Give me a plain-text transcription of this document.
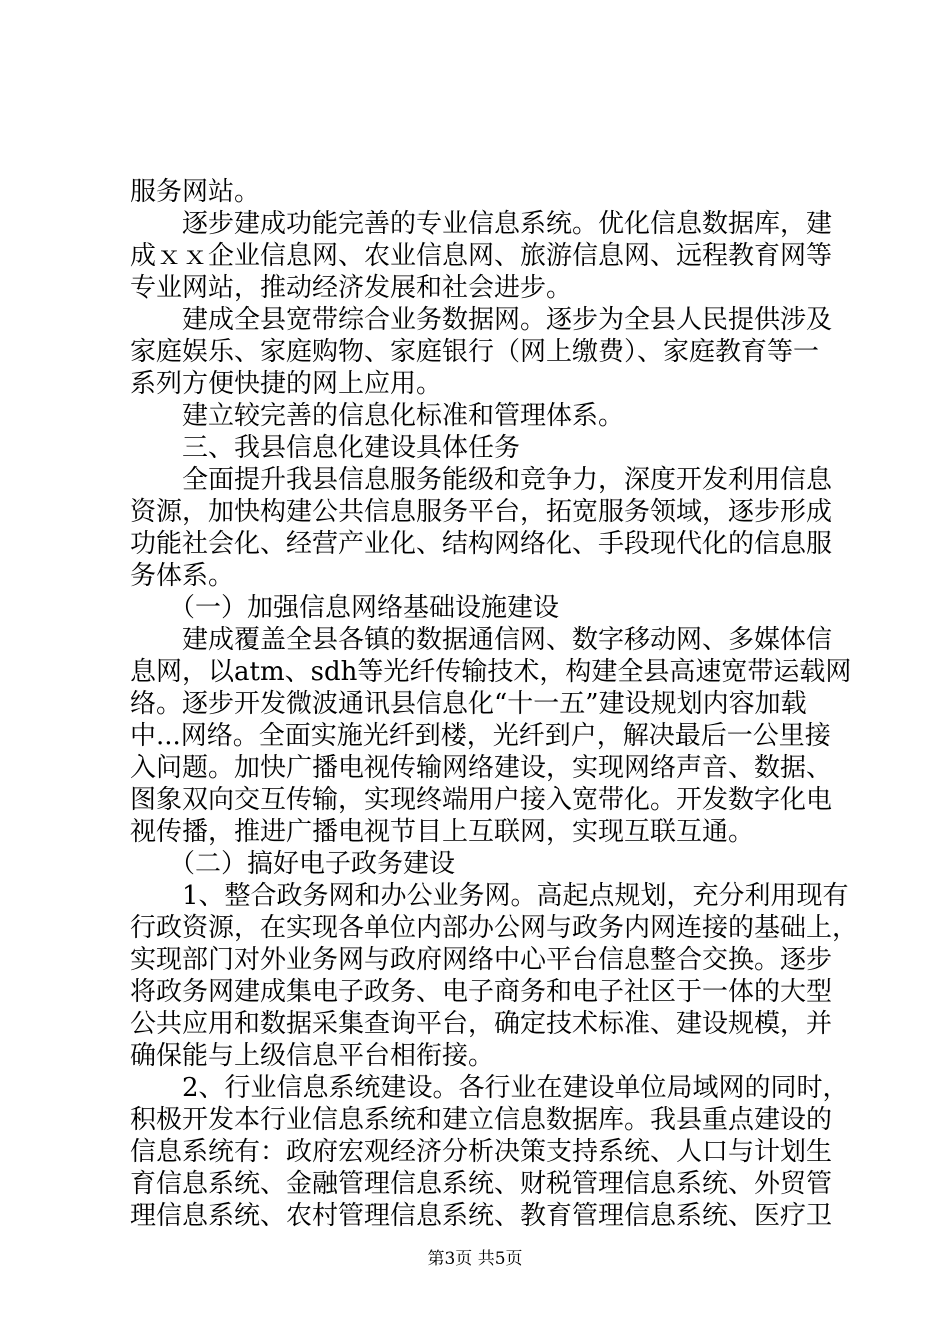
服务网站。
　　逐步建成功能完善的专业信息系统。优化信息数据库，建
成ｘｘ企业信息网、农业信息网、旅游信息网、远程教育网等
专业网站，推动经济发展和社会进步。
　　建成全县宽带综合业务数据网。逐步为全县人民提供涉及
家庭娱乐、家庭购物、家庭银行（网上缴费）、家庭教育等一
系列方便快捷的网上应用。
　　建立较完善的信息化标准和管理体系。
　　三、我县信息化建设具体任务
　　全面提升我县信息服务能级和竞争力，深度开发利用信息
资源，加快构建公共信息服务平台，拓宽服务领域，逐步形成
功能社会化、经营产业化、结构网络化、手段现代化的信息服
务体系。
　　（一）加强信息网络基础设施建设
　　建成覆盖全县各镇的数据通信网、数字移动网、多媒体信
息网，以atm、sdh等光纤传输技术，构建全县高速宽带运载网
络。逐步开发微波通讯县信息化“十一五”建设规划内容加载
中...网络。全面实施光纤到楼，光纤到户，解决最后一公里接
入问题。加快广播电视传输网络建设，实现网络声音、数据、
图象双向交互传输，实现终端用户接入宽带化。开发数字化电
视传播，推进广播电视节目上互联网，实现互联互通。
　　（二）搞好电子政务建设
　　1、整合政务网和办公业务网。高起点规划，充分利用现有
行政资源，在实现各单位内部办公网与政务内网连接的基础上，
实现部门对外业务网与政府网络中心平台信息整合交换。逐步
将政务网建成集电子政务、电子商务和电子社区于一体的大型
公共应用和数据采集查询平台，确定技术标准、建设规模，并
确保能与上级信息平台相衔接。
　　2、行业信息系统建设。各行业在建设单位局域网的同时，
积极开发本行业信息系统和建立信息数据库。我县重点建设的
信息系统有：政府宏观经济分析决策支持系统、人口与计划生
育信息系统、金融管理信息系统、财税管理信息系统、外贸管
理信息系统、农村管理信息系统、教育管理信息系统、医疗卫
第3页 共5页
